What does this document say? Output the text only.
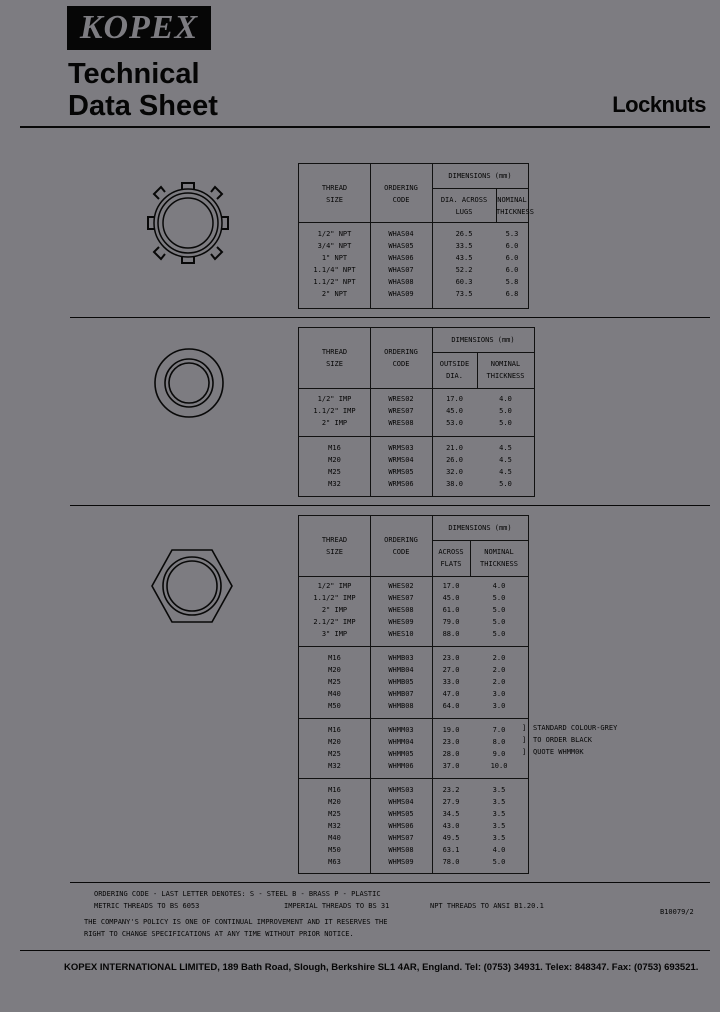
KOPEX
Technical
Data Sheet	Locknuts
THREAD
SIZE
ORDERING
CODE
DIMENSIONS (mm)
DIA. ACROSS
LUGS
NOMINAL
THICKNESS
1/2" NPT	WHAS04	26.5	5.3
3/4" NPT	WHAS05	33.5	6.0
1" NPT	WHAS06	43.5	6.0
1.1/4" NPT	WHAS07	52.2	6.0
1.1/2" NPT	WHAS08	60.3	5.8
2" NPT	WHAS09	73.5	6.8
THREAD
SIZE
ORDERING
CODE
DIMENSIONS (mm)
OUTSIDE
DIA.
NOMINAL
THICKNESS
1/2" IMP	WRES02	17.0	4.0
1.1/2" IMP	WRES07	45.0	5.0
2" IMP	WRES08	53.0	5.0
M16	WRMS03	21.0	4.5
M20	WRMS04	26.0	4.5
M25	WRMS05	32.0	4.5
M32	WRMS06	38.0	5.0
THREAD
SIZE
ORDERING
CODE
DIMENSIONS (mm)
ACROSS
FLATS
NOMINAL
THICKNESS
1/2" IMP	WHES02	17.0	4.0
1.1/2" IMP	WHES07	45.0	5.0
2" IMP	WHES08	61.0	5.0
2.1/2" IMP	WHES09	79.0	5.0
3" IMP	WHES10	88.0	5.0
M16	WHMB03	23.0	2.0
M20	WHMB04	27.0	2.0
M25	WHMB05	33.0	2.0
M40	WHMB07	47.0	3.0
M50	WHMB08	64.0	3.0
M16	WHMM03	19.0	7.0
M20	WHMM04	23.0	8.0
M25	WHMM05	28.0	9.0
M32	WHMM06	37.0	10.0
M16	WHMS03	23.2	3.5
M20	WHMS04	27.9	3.5
M25	WHMS05	34.5	3.5
M32	WHMS06	43.0	3.5
M40	WHMS07	49.5	3.5
M50	WHMS08	63.1	4.0
M63	WHMS09	78.0	5.0
]
]
]
STANDARD COLOUR-GREY
TO ORDER BLACK
QUOTE WHMM0K
ORDERING CODE - LAST LETTER DENOTES: S - STEEL B - BRASS P - PLASTIC
METRIC THREADS TO BS 6053	IMPERIAL THREADS TO BS 31	NPT THREADS TO ANSI B1.20.1
THE COMPANY'S POLICY IS ONE OF CONTINUAL IMPROVEMENT AND IT RESERVES THE
RIGHT TO CHANGE SPECIFICATIONS AT ANY TIME WITHOUT PRIOR NOTICE.
B10079/2
KOPEX INTERNATIONAL LIMITED, 189 Bath Road, Slough, Berkshire SL1 4AR, England. Tel: (0753) 34931. Telex: 848347. Fax: (0753) 693521.
